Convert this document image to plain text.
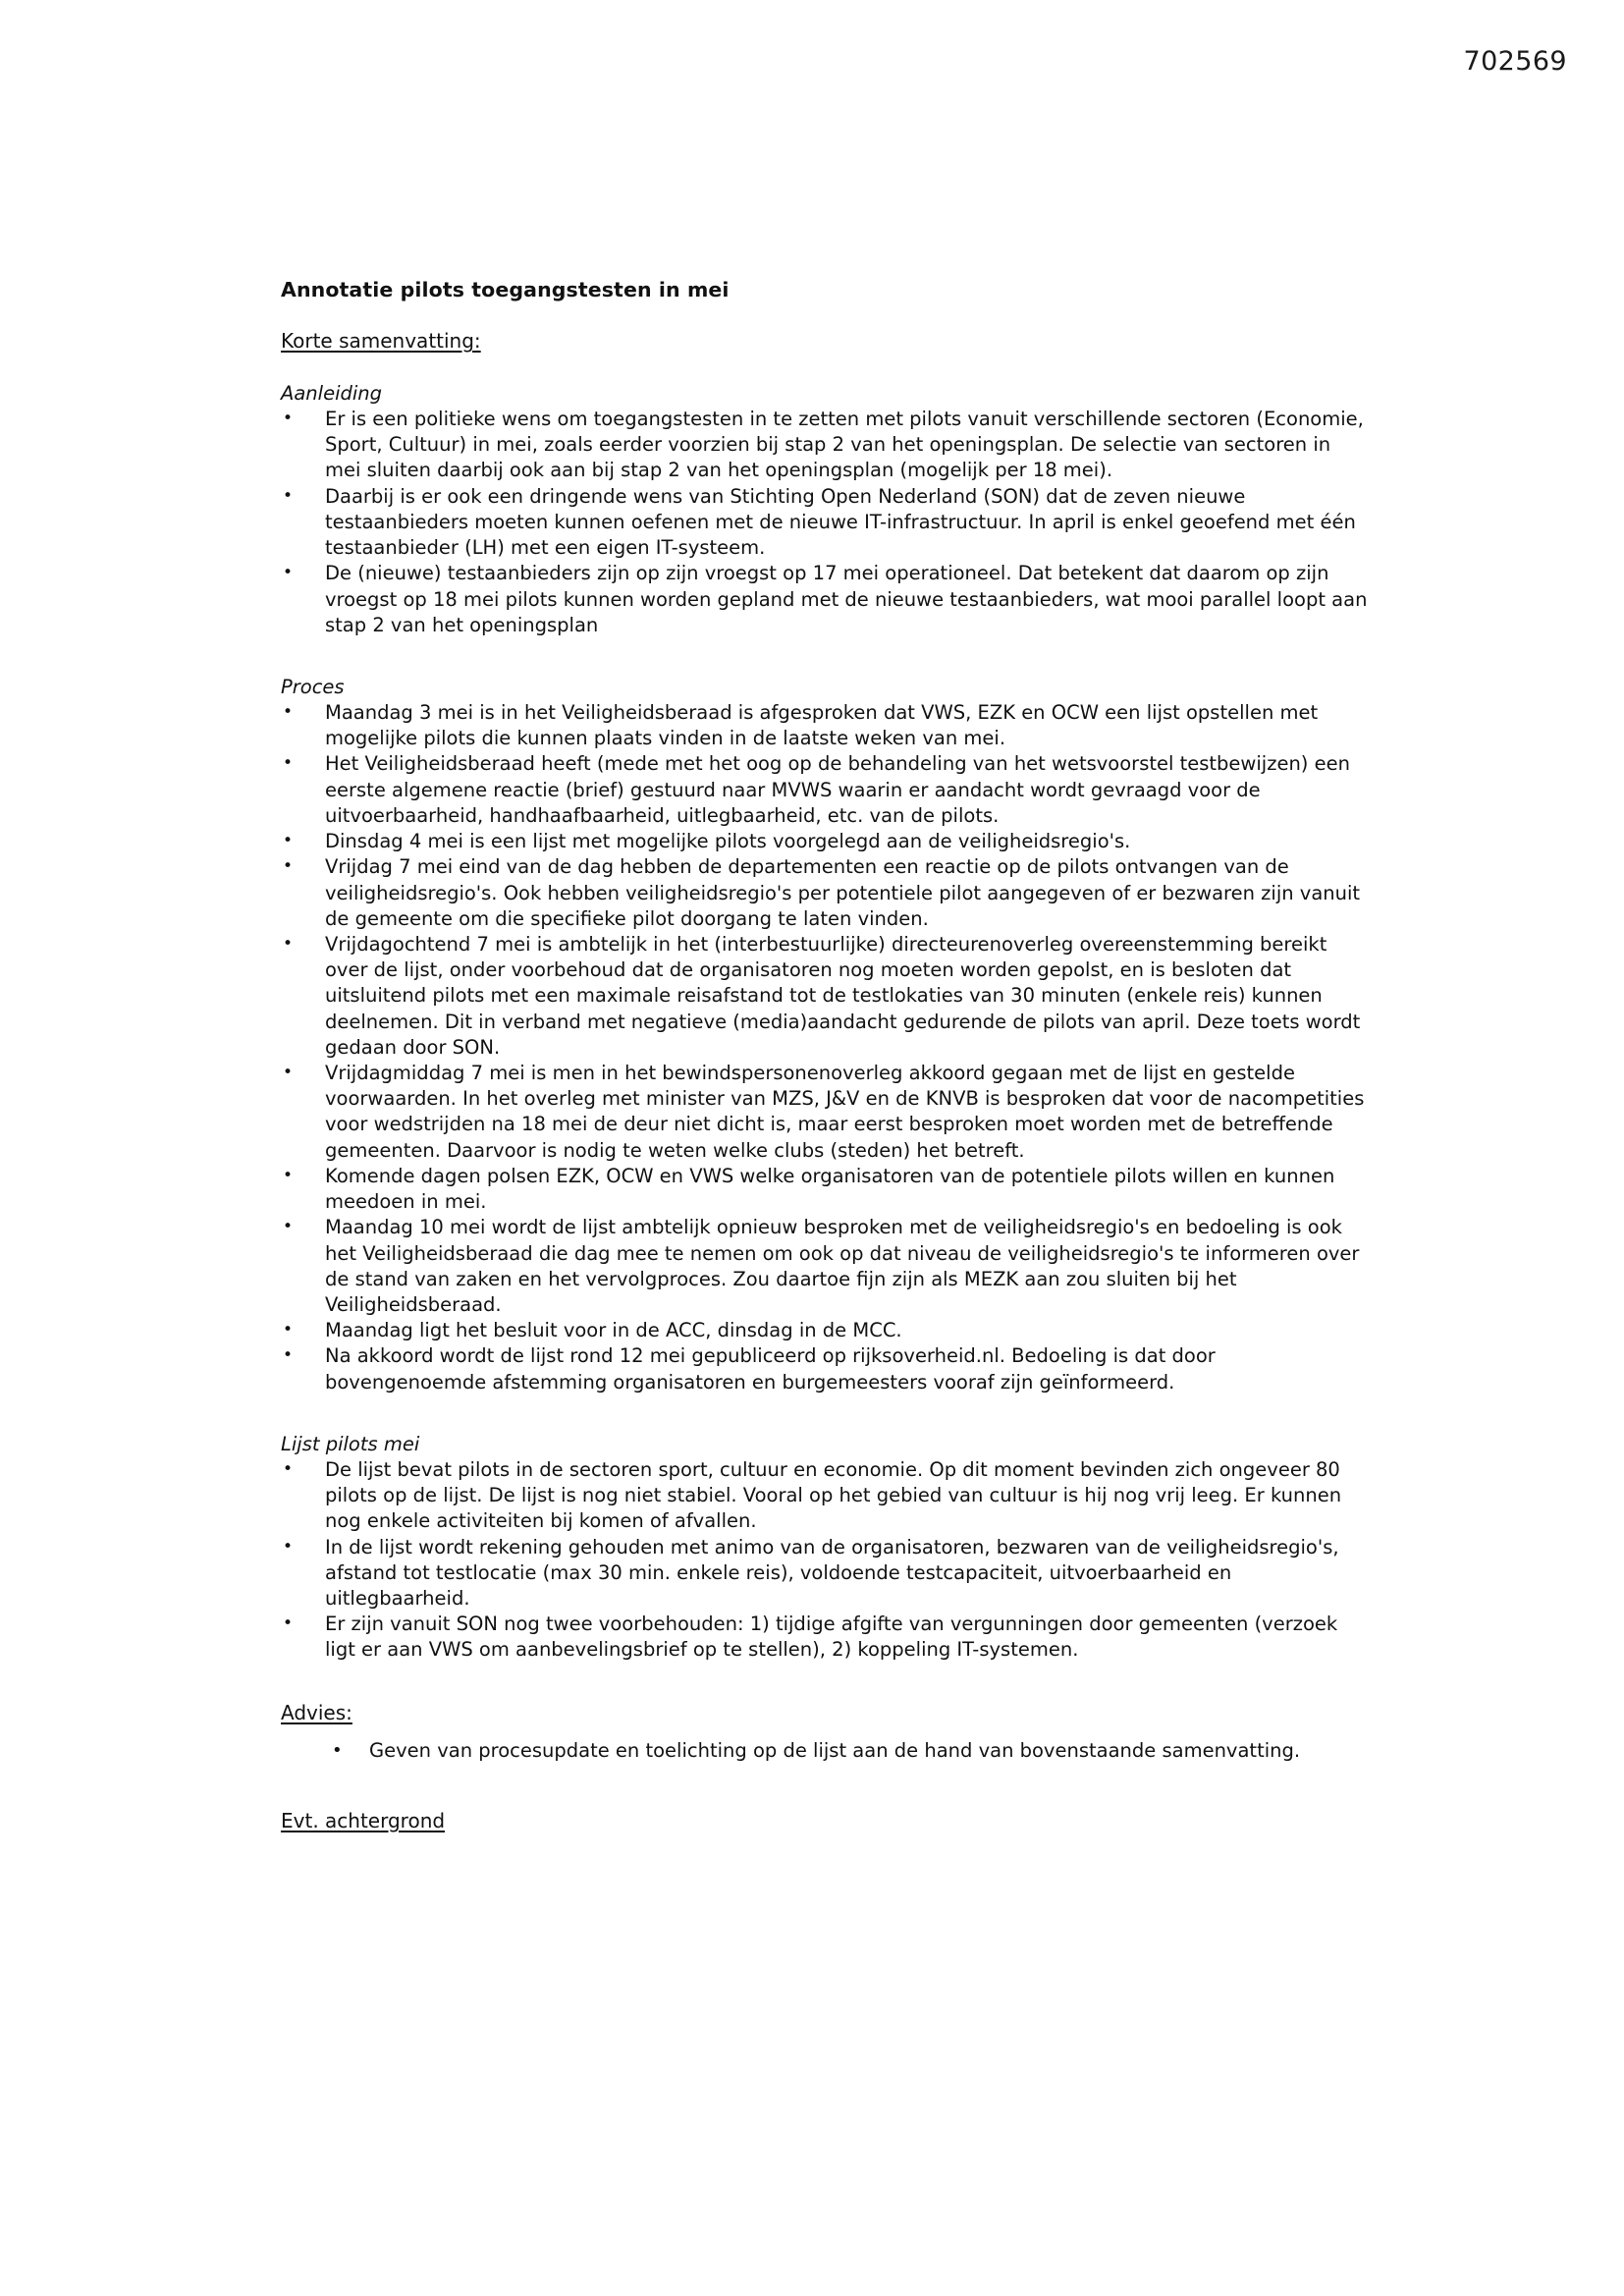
702569
Annotatie pilots toegangstesten in mei
Korte samenvatting:
Aanleiding
• Er is een politieke wens om toegangstesten in te zetten met pilots vanuit verschillende sectoren (Economie, Sport, Cultuur) in mei, zoals eerder voorzien bij stap 2 van het openingsplan. De selectie van sectoren in mei sluiten daarbij ook aan bij stap 2 van het openingsplan (mogelijk per 18 mei).
• Daarbij is er ook een dringende wens van Stichting Open Nederland (SON) dat de zeven nieuwe testaanbieders moeten kunnen oefenen met de nieuwe IT-infrastructuur. In april is enkel geoefend met één testaanbieder (LH) met een eigen IT-systeem.
• De (nieuwe) testaanbieders zijn op zijn vroegst op 17 mei operationeel. Dat betekent dat daarom op zijn vroegst op 18 mei pilots kunnen worden gepland met de nieuwe testaanbieders, wat mooi parallel loopt aan stap 2 van het openingsplan
Proces
• Maandag 3 mei is in het Veiligheidsberaad is afgesproken dat VWS, EZK en OCW een lijst opstellen met mogelijke pilots die kunnen plaats vinden in de laatste weken van mei.
• Het Veiligheidsberaad heeft (mede met het oog op de behandeling van het wetsvoorstel testbewijzen) een eerste algemene reactie (brief) gestuurd naar MVWS waarin er aandacht wordt gevraagd voor de uitvoerbaarheid, handhaafbaarheid, uitlegbaarheid, etc. van de pilots.
• Dinsdag 4 mei is een lijst met mogelijke pilots voorgelegd aan de veiligheidsregio's.
• Vrijdag 7 mei eind van de dag hebben de departementen een reactie op de pilots ontvangen van de veiligheidsregio's. Ook hebben veiligheidsregio's per potentiele pilot aangegeven of er bezwaren zijn vanuit de gemeente om die specifieke pilot doorgang te laten vinden.
• Vrijdagochtend 7 mei is ambtelijk in het (interbestuurlijke) directeurenoverleg overeenstemming bereikt over de lijst, onder voorbehoud dat de organisatoren nog moeten worden gepolst, en is besloten dat uitsluitend pilots met een maximale reisafstand tot de testlokaties van 30 minuten (enkele reis) kunnen deelnemen. Dit in verband met negatieve (media)aandacht gedurende de pilots van april. Deze toets wordt gedaan door SON.
• Vrijdagmiddag 7 mei is men in het bewindspersonenoverleg akkoord gegaan met de lijst en gestelde voorwaarden. In het overleg met minister van MZS, J&V en de KNVB is besproken dat voor de nacompetities voor wedstrijden na 18 mei de deur niet dicht is, maar eerst besproken moet worden met de betreffende gemeenten. Daarvoor is nodig te weten welke clubs (steden) het betreft.
• Komende dagen polsen EZK, OCW en VWS welke organisatoren van de potentiele pilots willen en kunnen meedoen in mei.
• Maandag 10 mei wordt de lijst ambtelijk opnieuw besproken met de veiligheidsregio's en bedoeling is ook het Veiligheidsberaad die dag mee te nemen om ook op dat niveau de veiligheidsregio's te informeren over de stand van zaken en het vervolgproces. Zou daartoe fijn zijn als MEZK aan zou sluiten bij het Veiligheidsberaad.
• Maandag ligt het besluit voor in de ACC, dinsdag in de MCC.
• Na akkoord wordt de lijst rond 12 mei gepubliceerd op rijksoverheid.nl. Bedoeling is dat door bovengenoemde afstemming organisatoren en burgemeesters vooraf zijn geïnformeerd.
Lijst pilots mei
• De lijst bevat pilots in de sectoren sport, cultuur en economie. Op dit moment bevinden zich ongeveer 80 pilots op de lijst. De lijst is nog niet stabiel. Vooral op het gebied van cultuur is hij nog vrij leeg. Er kunnen nog enkele activiteiten bij komen of afvallen.
• In de lijst wordt rekening gehouden met animo van de organisatoren, bezwaren van de veiligheidsregio's, afstand tot testlocatie (max 30 min. enkele reis), voldoende testcapaciteit, uitvoerbaarheid en uitlegbaarheid.
• Er zijn vanuit SON nog twee voorbehouden: 1) tijdige afgifte van vergunningen door gemeenten (verzoek ligt er aan VWS om aanbevelingsbrief op te stellen), 2) koppeling IT-systemen.
Advies:
• Geven van procesupdate en toelichting op de lijst aan de hand van bovenstaande samenvatting.
Evt. achtergrond
